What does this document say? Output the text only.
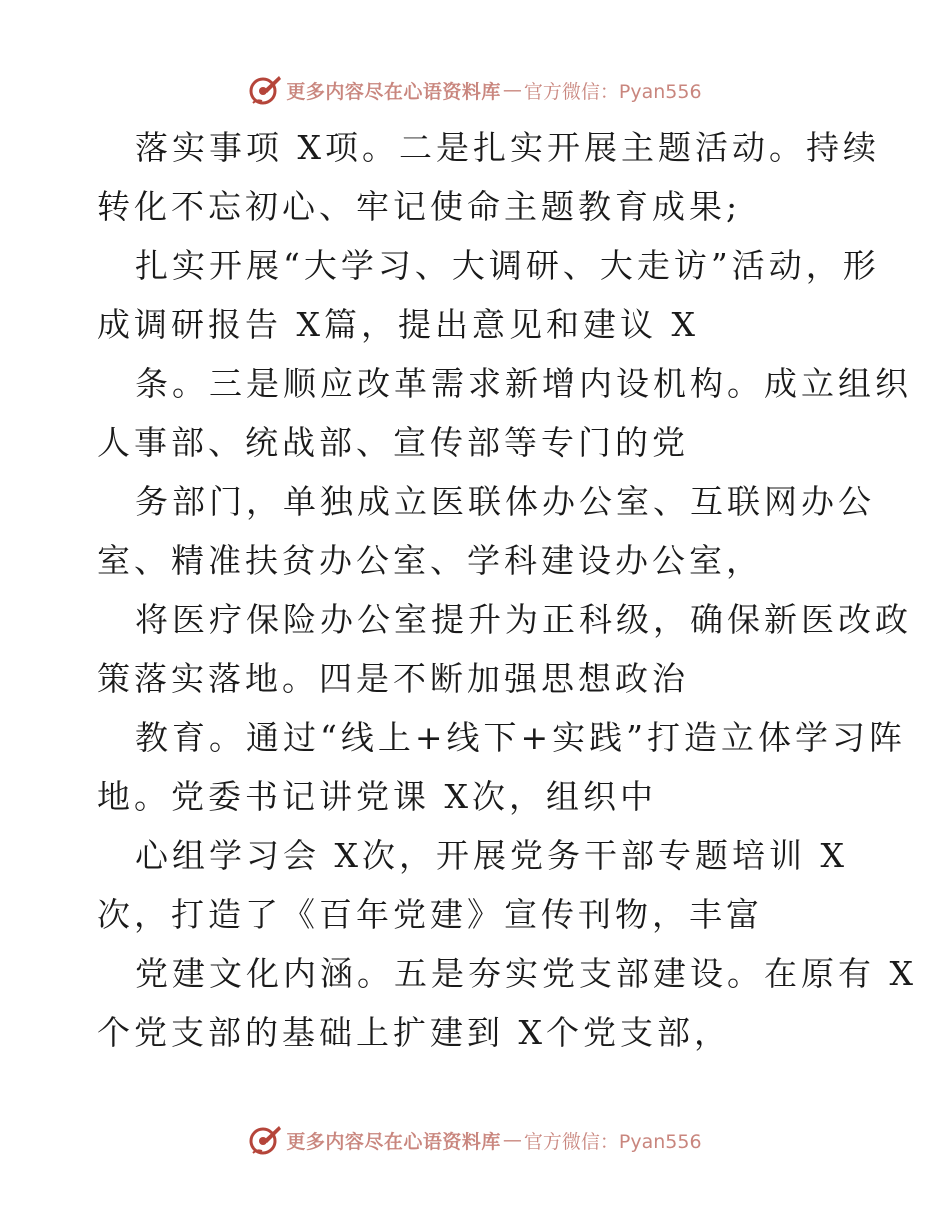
更多内容尽在心语资料库 — 官方微信：Pyan556
落实事项 X项。二是扎实开展主题活动。持续
转化不忘初心、牢记使命主题教育成果;
扎实开展“大学习、大调研、大走访”活动，形
成调研报告 X篇，提出意见和建议 X
条。三是顺应改革需求新增内设机构。成立组织
人事部、统战部、宣传部等专门的党
务部门，单独成立医联体办公室、互联网办公
室、精准扶贫办公室、学科建设办公室，
将医疗保险办公室提升为正科级，确保新医改政
策落实落地。四是不断加强思想政治
教育。通过“线上+线下+实践”打造立体学习阵
地。党委书记讲党课 X次，组织中
心组学习会 X次，开展党务干部专题培训 X
次，打造了《百年党建》宣传刊物，丰富
党建文化内涵。五是夯实党支部建设。在原有 X
个党支部的基础上扩建到 X个党支部，
更多内容尽在心语资料库 — 官方微信：Pyan556
